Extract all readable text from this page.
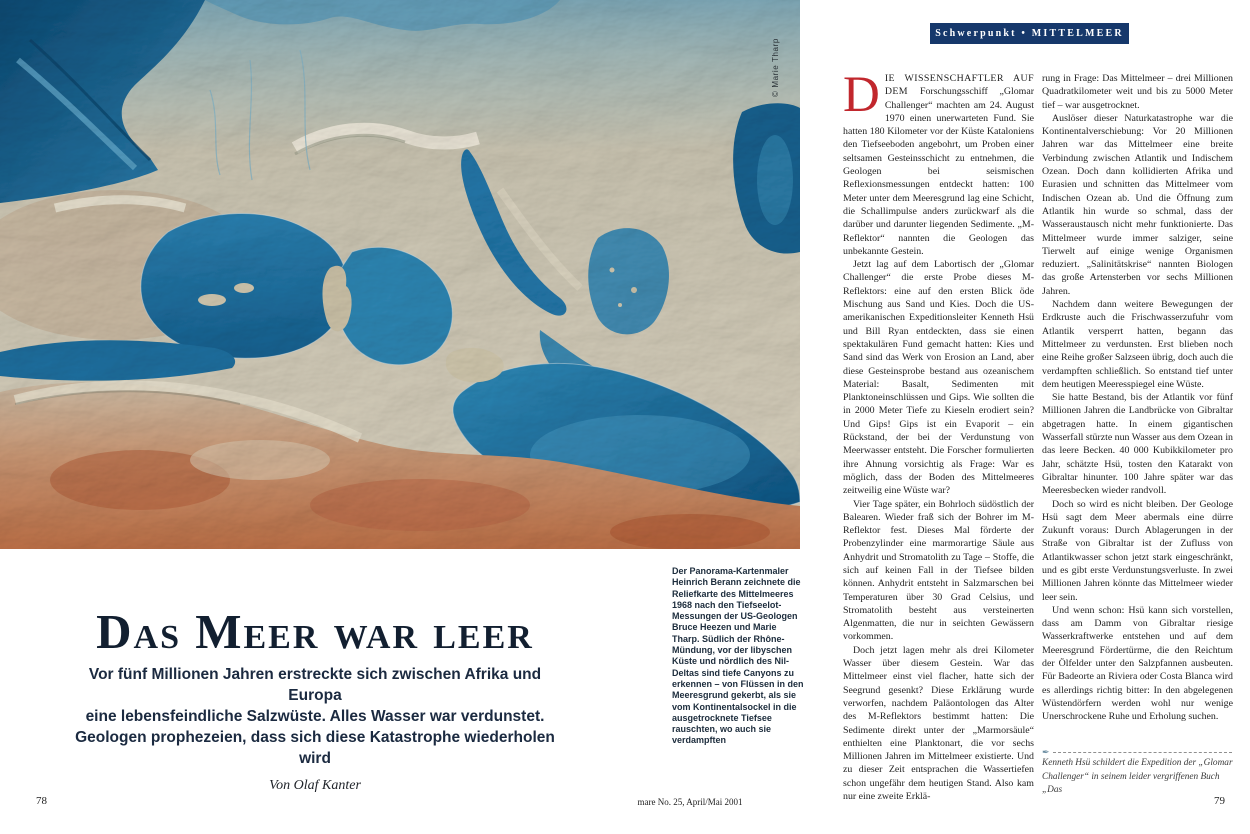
© Marie Tharp
Der Panorama-Kartenmaler Heinrich Berann zeichnete die Reliefkarte des Mittelmeeres 1968 nach den Tiefseelot-Messungen der US-Geologen Bruce Heezen und Marie Tharp. Südlich der Rhône-Mündung, vor der libyschen Küste und nördlich des Nil-Deltas sind tiefe Canyons zu erkennen – von Flüssen in den Meeresgrund gekerbt, als sie vom Kontinentalsockel in die ausgetrocknete Tiefsee rauschten, wo auch sie verdampften
Das Meer war leer
Vor fünf Millionen Jahren erstreckte sich zwischen Afrika und Europa
eine lebensfeindliche Salzwüste. Alles Wasser war verdunstet.
Geologen prophezeien, dass sich diese Katastrophe wiederholen wird
Von Olaf Kanter
Schwerpunkt • MITTELMEER

DIE WISSENSCHAFTLER AUF DEM Forschungsschiff „Glomar Challenger“ machten am 24. August 1970 einen unerwarteten Fund. Sie hatten 180 Kilometer vor der Küste Kataloniens den Tiefseeboden angebohrt, um Proben einer seltsamen Gesteinsschicht zu entnehmen, die Geologen bei seismischen Reflexionsmessungen entdeckt hatten: 100 Meter unter dem Meeresgrund lag eine Schicht, die Schallimpulse anders zurückwarf als die darüber und darunter liegenden Sedimente. „M-Reflektor“ nannten die Geologen das unbekannte Gestein.

Jetzt lag auf dem Labortisch der „Glomar Challenger“ die erste Probe dieses M-Reflektors: eine auf den ersten Blick öde Mischung aus Sand und Kies. Doch die US-amerikanischen Expeditionsleiter Kenneth Hsü und Bill Ryan entdeckten, dass sie einen spektakulären Fund gemacht hatten: Kies und Sand sind das Werk von Erosion an Land, aber diese Gesteinsprobe bestand aus ozeanischem Material: Basalt, Sedimenten mit Planktoneinschlüssen und Gips. Wie sollten die in 2000 Meter Tiefe zu Kieseln erodiert sein? Und Gips! Gips ist ein Evaporit – ein Rückstand, der bei der Verdunstung von Meerwasser entsteht. Die Forscher formulierten ihre Ahnung vorsichtig als Frage: War es möglich, dass der Boden des Mittelmeeres zeitweilig eine Wüste war?

Vier Tage später, ein Bohrloch südöstlich der Balearen. Wieder fraß sich der Bohrer im M-Reflektor fest. Dieses Mal förderte der Probenzylinder eine marmorartige Säule aus Anhydrit und Stromatolith zu Tage – Stoffe, die sich auf keinen Fall in der Tiefsee bilden können. Anhydrit entsteht in Salzmarschen bei Temperaturen über 30 Grad Celsius, und Stromatolith besteht aus versteinerten Algenmatten, die nur in seichten Gewässern vorkommen.

Doch jetzt lagen mehr als drei Kilometer Wasser über diesem Gestein. War das Mittelmeer einst viel flacher, hatte sich der Seegrund gesenkt? Diese Erklärung wurde verworfen, nachdem Paläontologen das Alter des M-Reflektors bestimmt hatten: Die Sedimente direkt unter der „Marmorsäule“ enthielten eine Planktonart, die vor sechs Millionen Jahren im Mittelmeer existierte. Und zu dieser Zeit entsprachen die Wassertiefen schon ungefähr dem heutigen Stand. Also kam nur eine zweite Erklä-

rung in Frage: Das Mittelmeer – drei Millionen Quadratkilometer weit und bis zu 5000 Meter tief – war ausgetrocknet.

Auslöser dieser Naturkatastrophe war die Kontinentalverschiebung: Vor 20 Millionen Jahren war das Mittelmeer eine breite Verbindung zwischen Atlantik und Indischem Ozean. Doch dann kollidierten Afrika und Eurasien und schnitten das Mittelmeer vom Indischen Ozean ab. Und die Öffnung zum Atlantik hin wurde so schmal, dass der Wasseraustausch nicht mehr funktionierte. Das Mittelmeer wurde immer salziger, seine Tierwelt auf einige wenige Organismen reduziert. „Salinitätskrise“ nannten Biologen das große Artensterben vor sechs Millionen Jahren.

Nachdem dann weitere Bewegungen der Erdkruste auch die Frischwasserzufuhr vom Atlantik versperrt hatten, begann das Mittelmeer zu verdunsten. Erst blieben noch eine Reihe großer Salzseen übrig, doch auch die verdampften schließlich. So entstand tief unter dem heutigen Meeresspiegel eine Wüste.

Sie hatte Bestand, bis der Atlantik vor fünf Millionen Jahren die Landbrücke von Gibraltar abgetragen hatte. In einem gigantischen Wasserfall stürzte nun Wasser aus dem Ozean in das leere Becken. 40 000 Kubikkilometer pro Jahr, schätzte Hsü, tosten den Katarakt von Gibraltar hinunter. 100 Jahre später war das Meeresbecken wieder randvoll.

Doch so wird es nicht bleiben. Der Geologe Hsü sagt dem Meer abermals eine dürre Zukunft voraus: Durch Ablagerungen in der Straße von Gibraltar ist der Zufluss von Atlantikwasser schon jetzt stark eingeschränkt, und es gibt erste Verdunstungsverluste. In zwei Millionen Jahren könnte das Mittelmeer wieder leer sein.

Und wenn schon: Hsü kann sich vorstellen, dass am Damm von Gibraltar riesige Wasserkraftwerke entstehen und auf dem Meeresgrund Fördertürme, die den Reichtum der Ölfelder unter den Salzpfannen ausbeuten. Für Badeorte an Riviera oder Costa Blanca wird es allerdings richtig bitter: In den abgelegenen Wüstendörfern werden wohl nur wenige Unerschrockene Ruhe und Erholung suchen.

✒
Kenneth Hsü schildert die Expedition der „Glomar Challenger“ in seinem leider vergriffenen Buch „Das
78	mare No. 25, April/Mai 2001	79
